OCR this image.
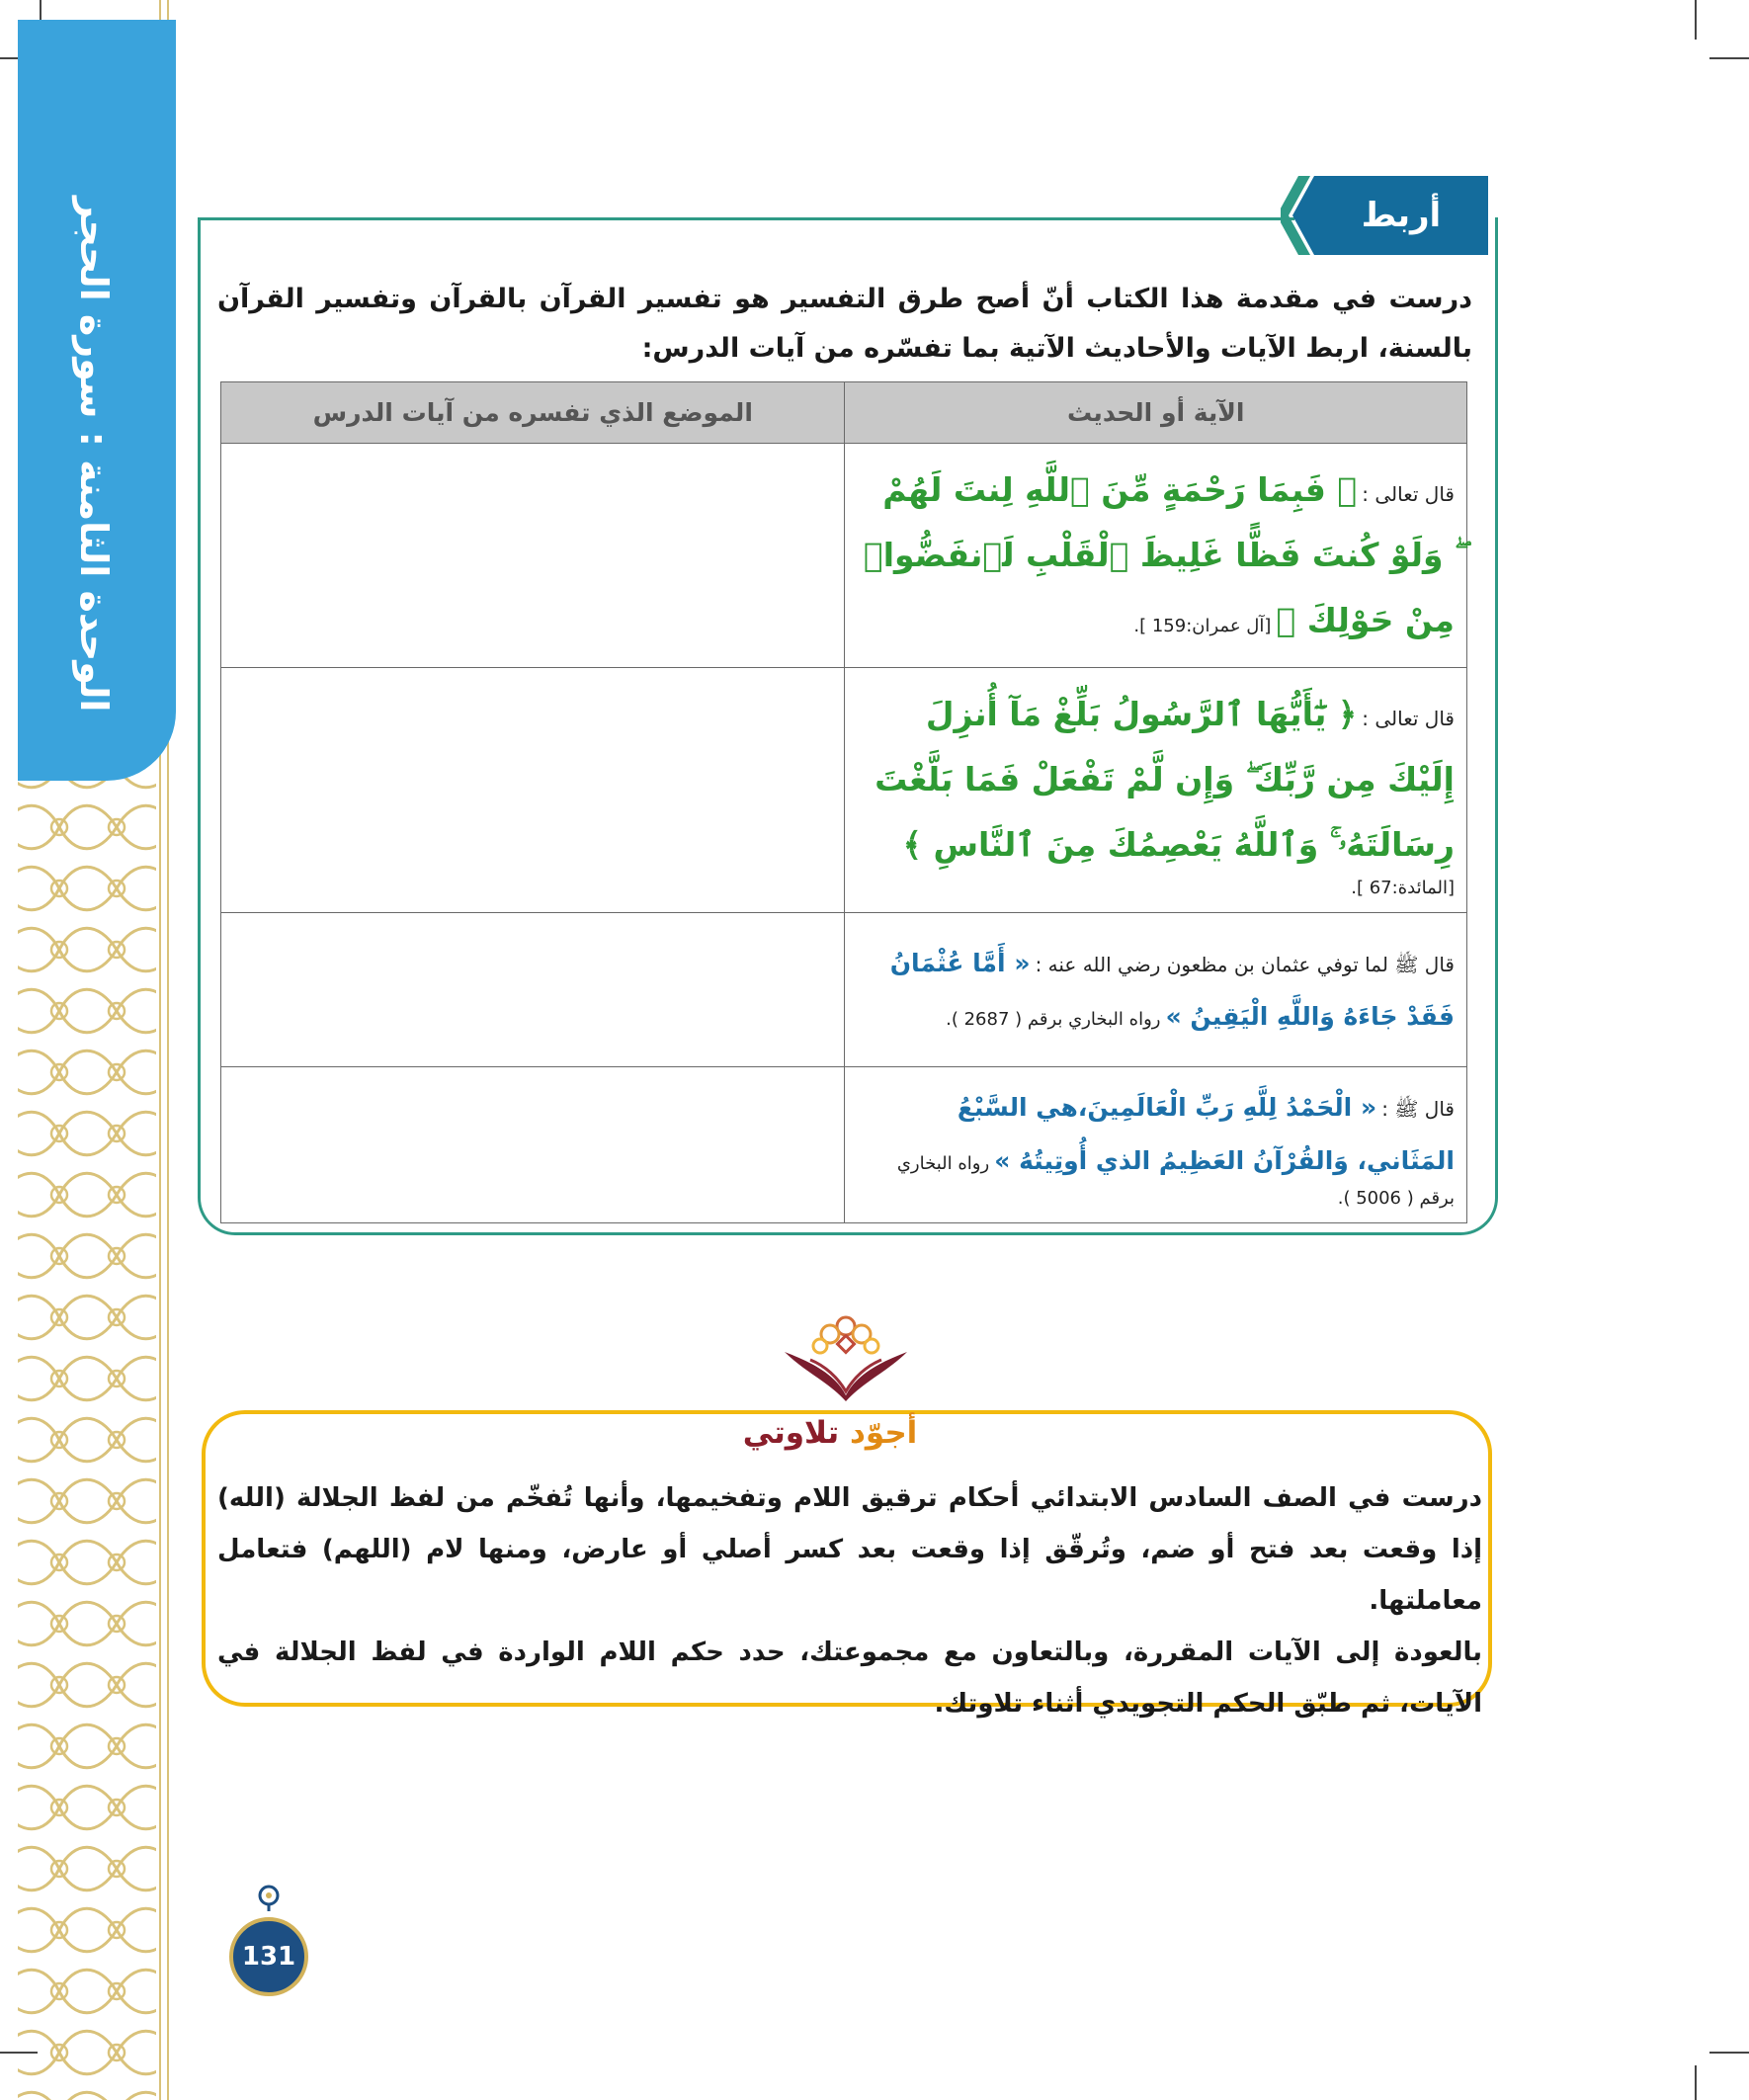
الوحدة الثامنة : سورة الحجر	أربط
درست في مقدمة هذا الكتاب أنّ أصح طرق التفسير هو تفسير القرآن بالقرآن وتفسير القرآن بالسنة، اربط الآيات والأحاديث الآتية بما تفسّره من آيات الدرس:
الآية أو الحديث	الموضع الذي تفسره من آيات الدرس
قال تعالى : ﴿ فَبِمَا رَحْمَةٍ مِّنَ ٱللَّهِ لِنتَ لَهُمْ ۖ وَلَوْ كُنتَ فَظًّا غَلِيظَ ٱلْقَلْبِ لَٱنفَضُّوا۟ مِنْ حَوْلِكَ ﴾ [آل عمران:159 ].	
قال تعالى : ﴿ يَٰٓأَيُّهَا ٱلرَّسُولُ بَلِّغْ مَآ أُنزِلَ إِلَيْكَ مِن رَّبِّكَ ۖ وَإِن لَّمْ تَفْعَلْ فَمَا بَلَّغْتَ رِسَالَتَهُۥ ۚ وَٱللَّهُ يَعْصِمُكَ مِنَ ٱلنَّاسِ ﴾ [المائدة:67 ].	
قال ﷺ لما توفي عثمان بن مظعون رضي الله عنه : « أَمَّا عُثْمَانُ فَقَدْ جَاءَهُ وَاللَّهِ الْيَقِينُ » رواه البخاري برقم ( 2687 ).	
قال ﷺ : « الْحَمْدُ لِلَّهِ رَبِّ الْعَالَمِينَ،هي السَّبْعُ المَثَاني، وَالقُرْآنُ العَظِيمُ الذي أُوتِيتُهُ » رواه البخاري برقم ( 5006 ).	
أجوّد تلاوتي

درست في الصف السادس الابتدائي أحكام ترقيق اللام وتفخيمها، وأنها تُفخّم من لفظ الجلالة (الله) إذا وقعت بعد فتح أو ضم، وتُرقّق إذا وقعت بعد كسر أصلي أو عارض، ومنها لام (اللهم) فتعامل معاملتها.

بالعودة إلى الآيات المقررة، وبالتعاون مع مجموعتك، حدد حكم اللام الواردة في لفظ الجلالة في الآيات، ثم طبّق الحكم التجويدي أثناء تلاوتك.

131
